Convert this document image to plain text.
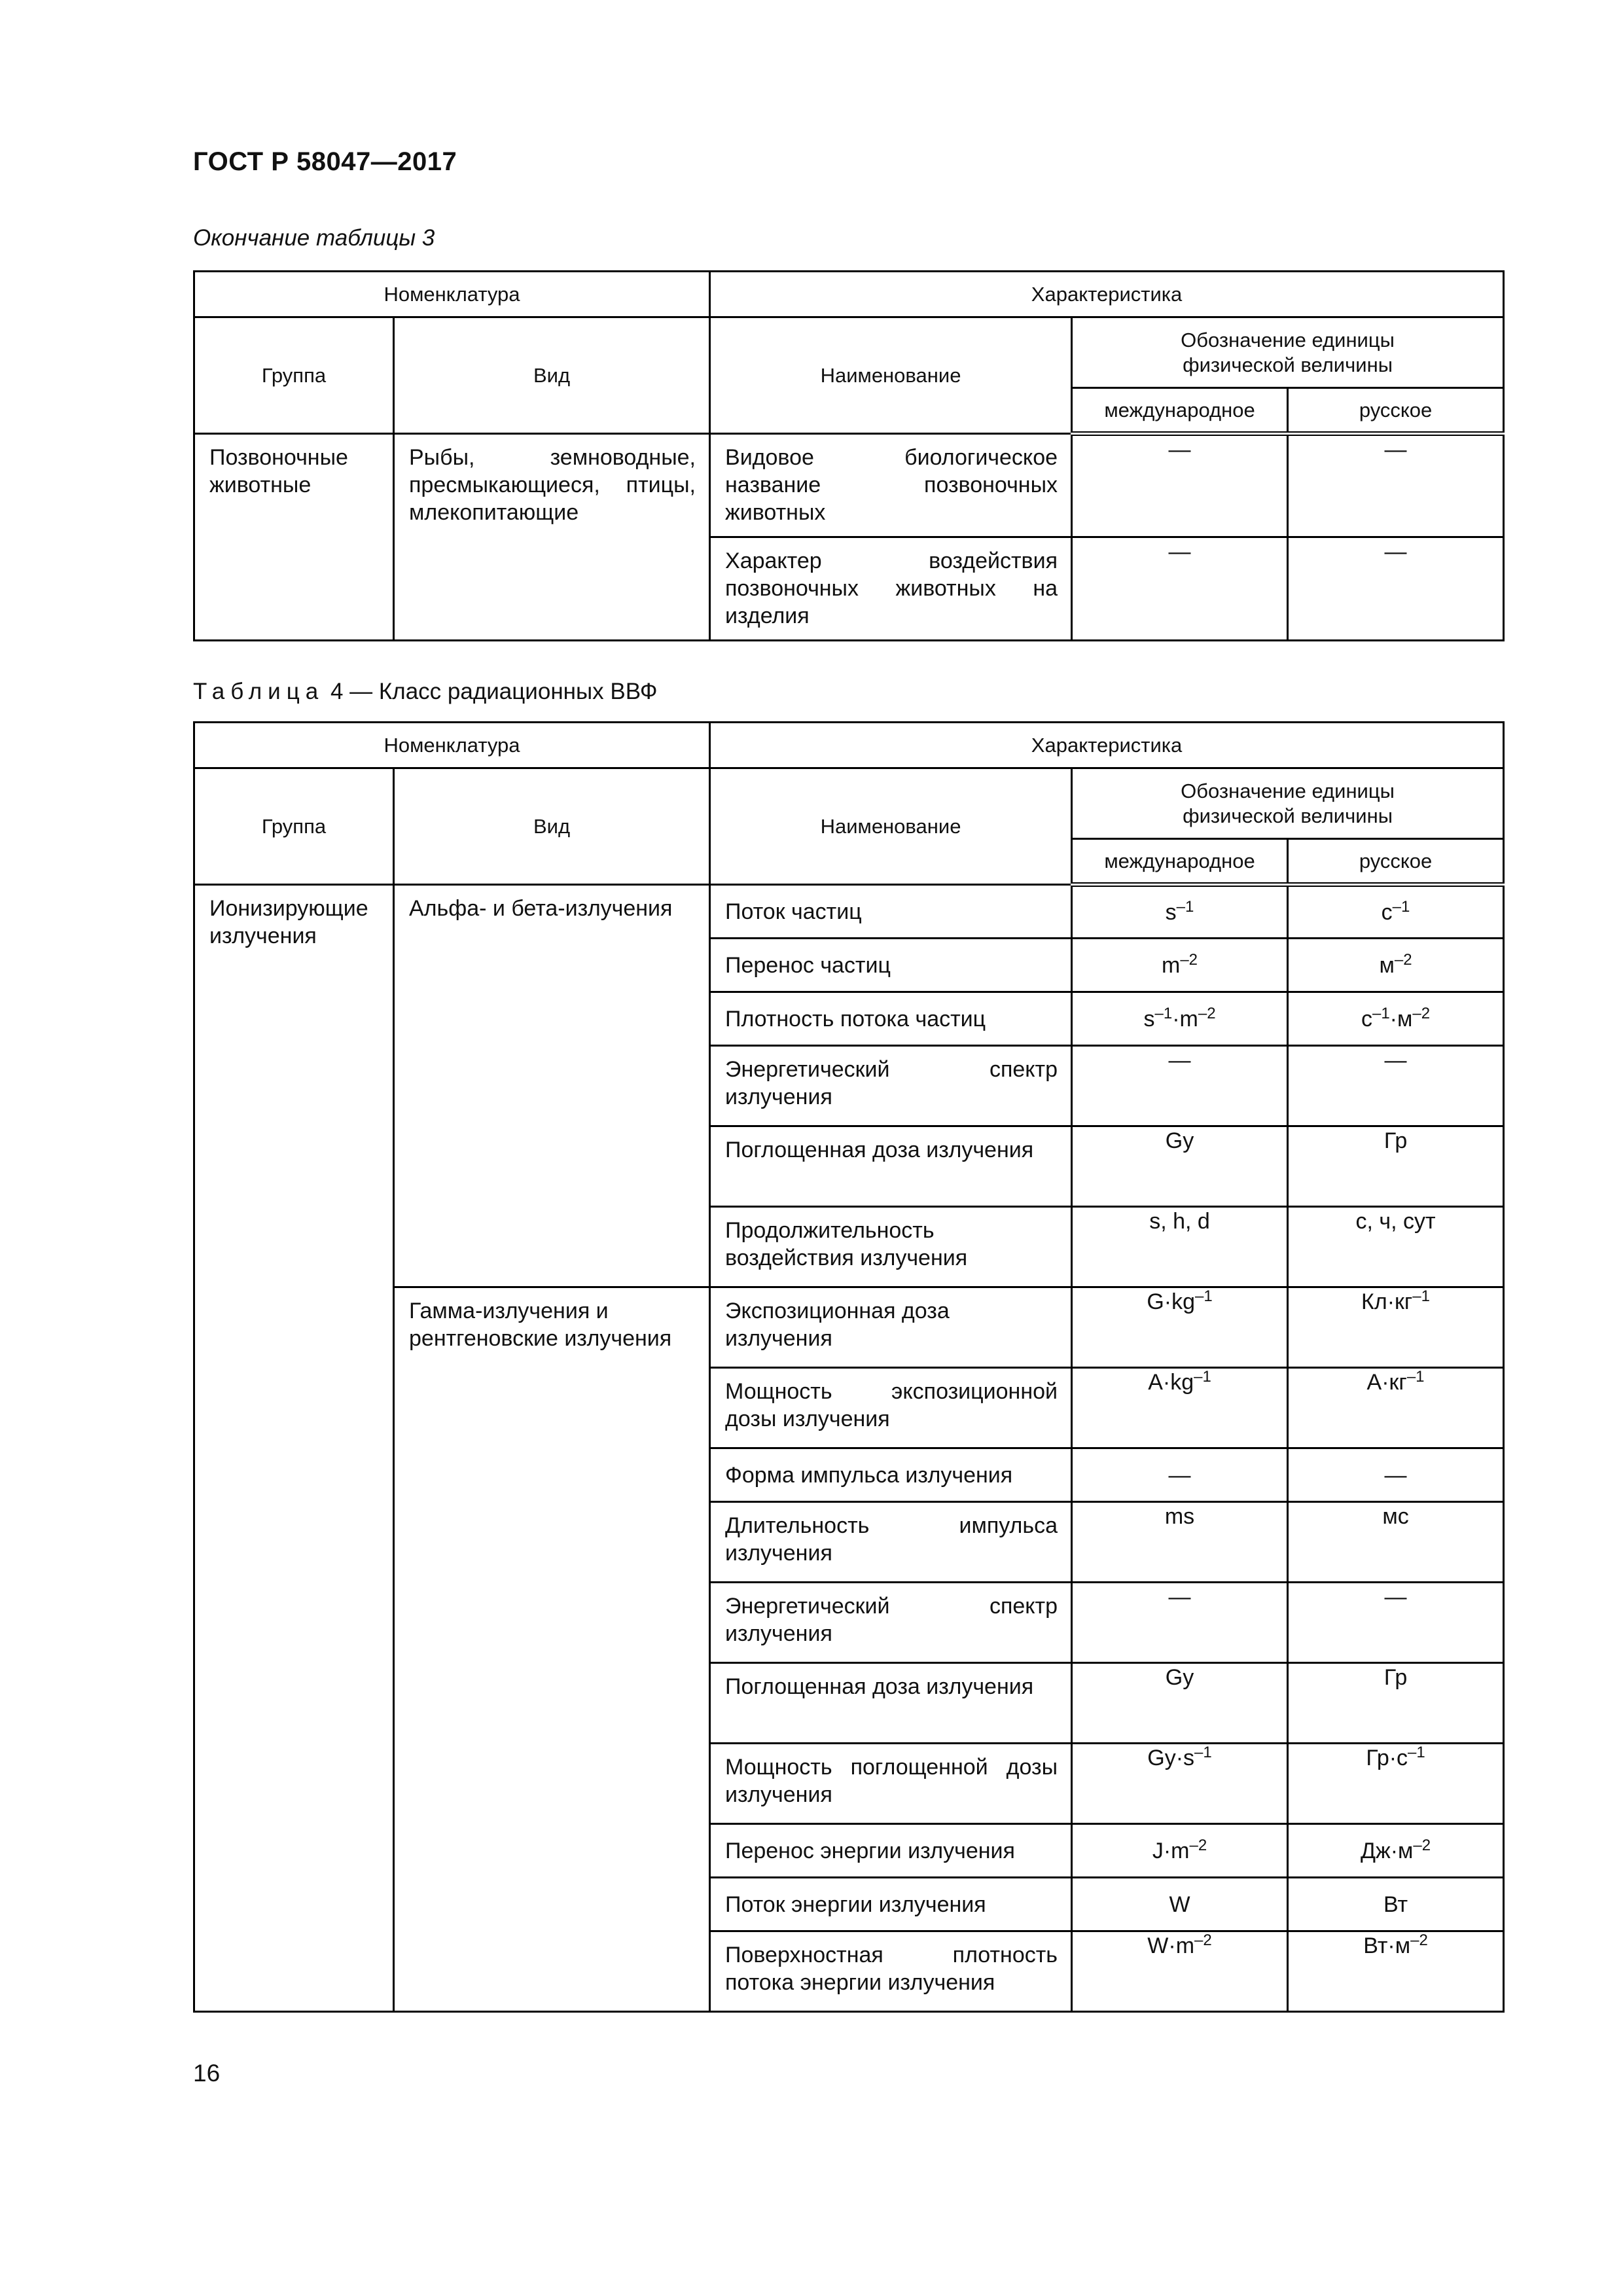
ГОСТ Р 58047—2017
Окончание таблицы 3
Номенклатура		Характеристика		
Группа	Вид	Наименование	Обозначение единицы физической величины	

			международное	русское

Позвоночные животные	Рыбы, земноводные, пресмыкающиеся, птицы, млекопитающие	Видовое биологическое название позвоночных животных	—	—

		Характер воздействия позвоночных животных на изделия	—	—
Таблица 4 — Класс радиационных ВВФ
Номенклатура		Характеристика		
Группа	Вид	Наименование	Обозначение единицы физической величины	

			международное	русское

Ионизирующие излучения	Альфа- и бета-излучения	Поток частиц	$s^{-1}$	$с^{-1}$

		Перенос частиц	$m^{-2}$	$м^{-2}$

		Плотность потока частиц	$s^{-1}\cdot m^{-2}$	$с^{-1}\cdot м^{-2}$

		Энергетический спектр излучения	—	—

		Поглощенная доза излучения	Gy	Гр

		Продолжительность воздействия излучения	s, h, d	с, ч, сут

	Гамма-излучения и рентгеновские излучения	Экспозиционная доза излучения	$G\cdot kg^{-1}$	$Кл\cdot кг^{-1}$

		Мощность экспозиционной дозы излучения	$A\cdot kg^{-1}$	$А\cdot кг^{-1}$

		Форма импульса излучения	—	—

		Длительность импульса излучения	ms	мс

		Энергетический спектр излучения	—	—

		Поглощенная доза излучения	Gy	Гр

		Мощность поглощенной дозы излучения	$Gy\cdot s^{-1}$	$Гр\cdot с^{-1}$

		Перенос энергии излучения	$J\cdot m^{-2}$	$Дж\cdot м^{-2}$

		Поток энергии излучения	W	Вт

		Поверхностная плотность потока энергии излучения	$W\cdot m^{-2}$	$Вт\cdot м^{-2}$
16
